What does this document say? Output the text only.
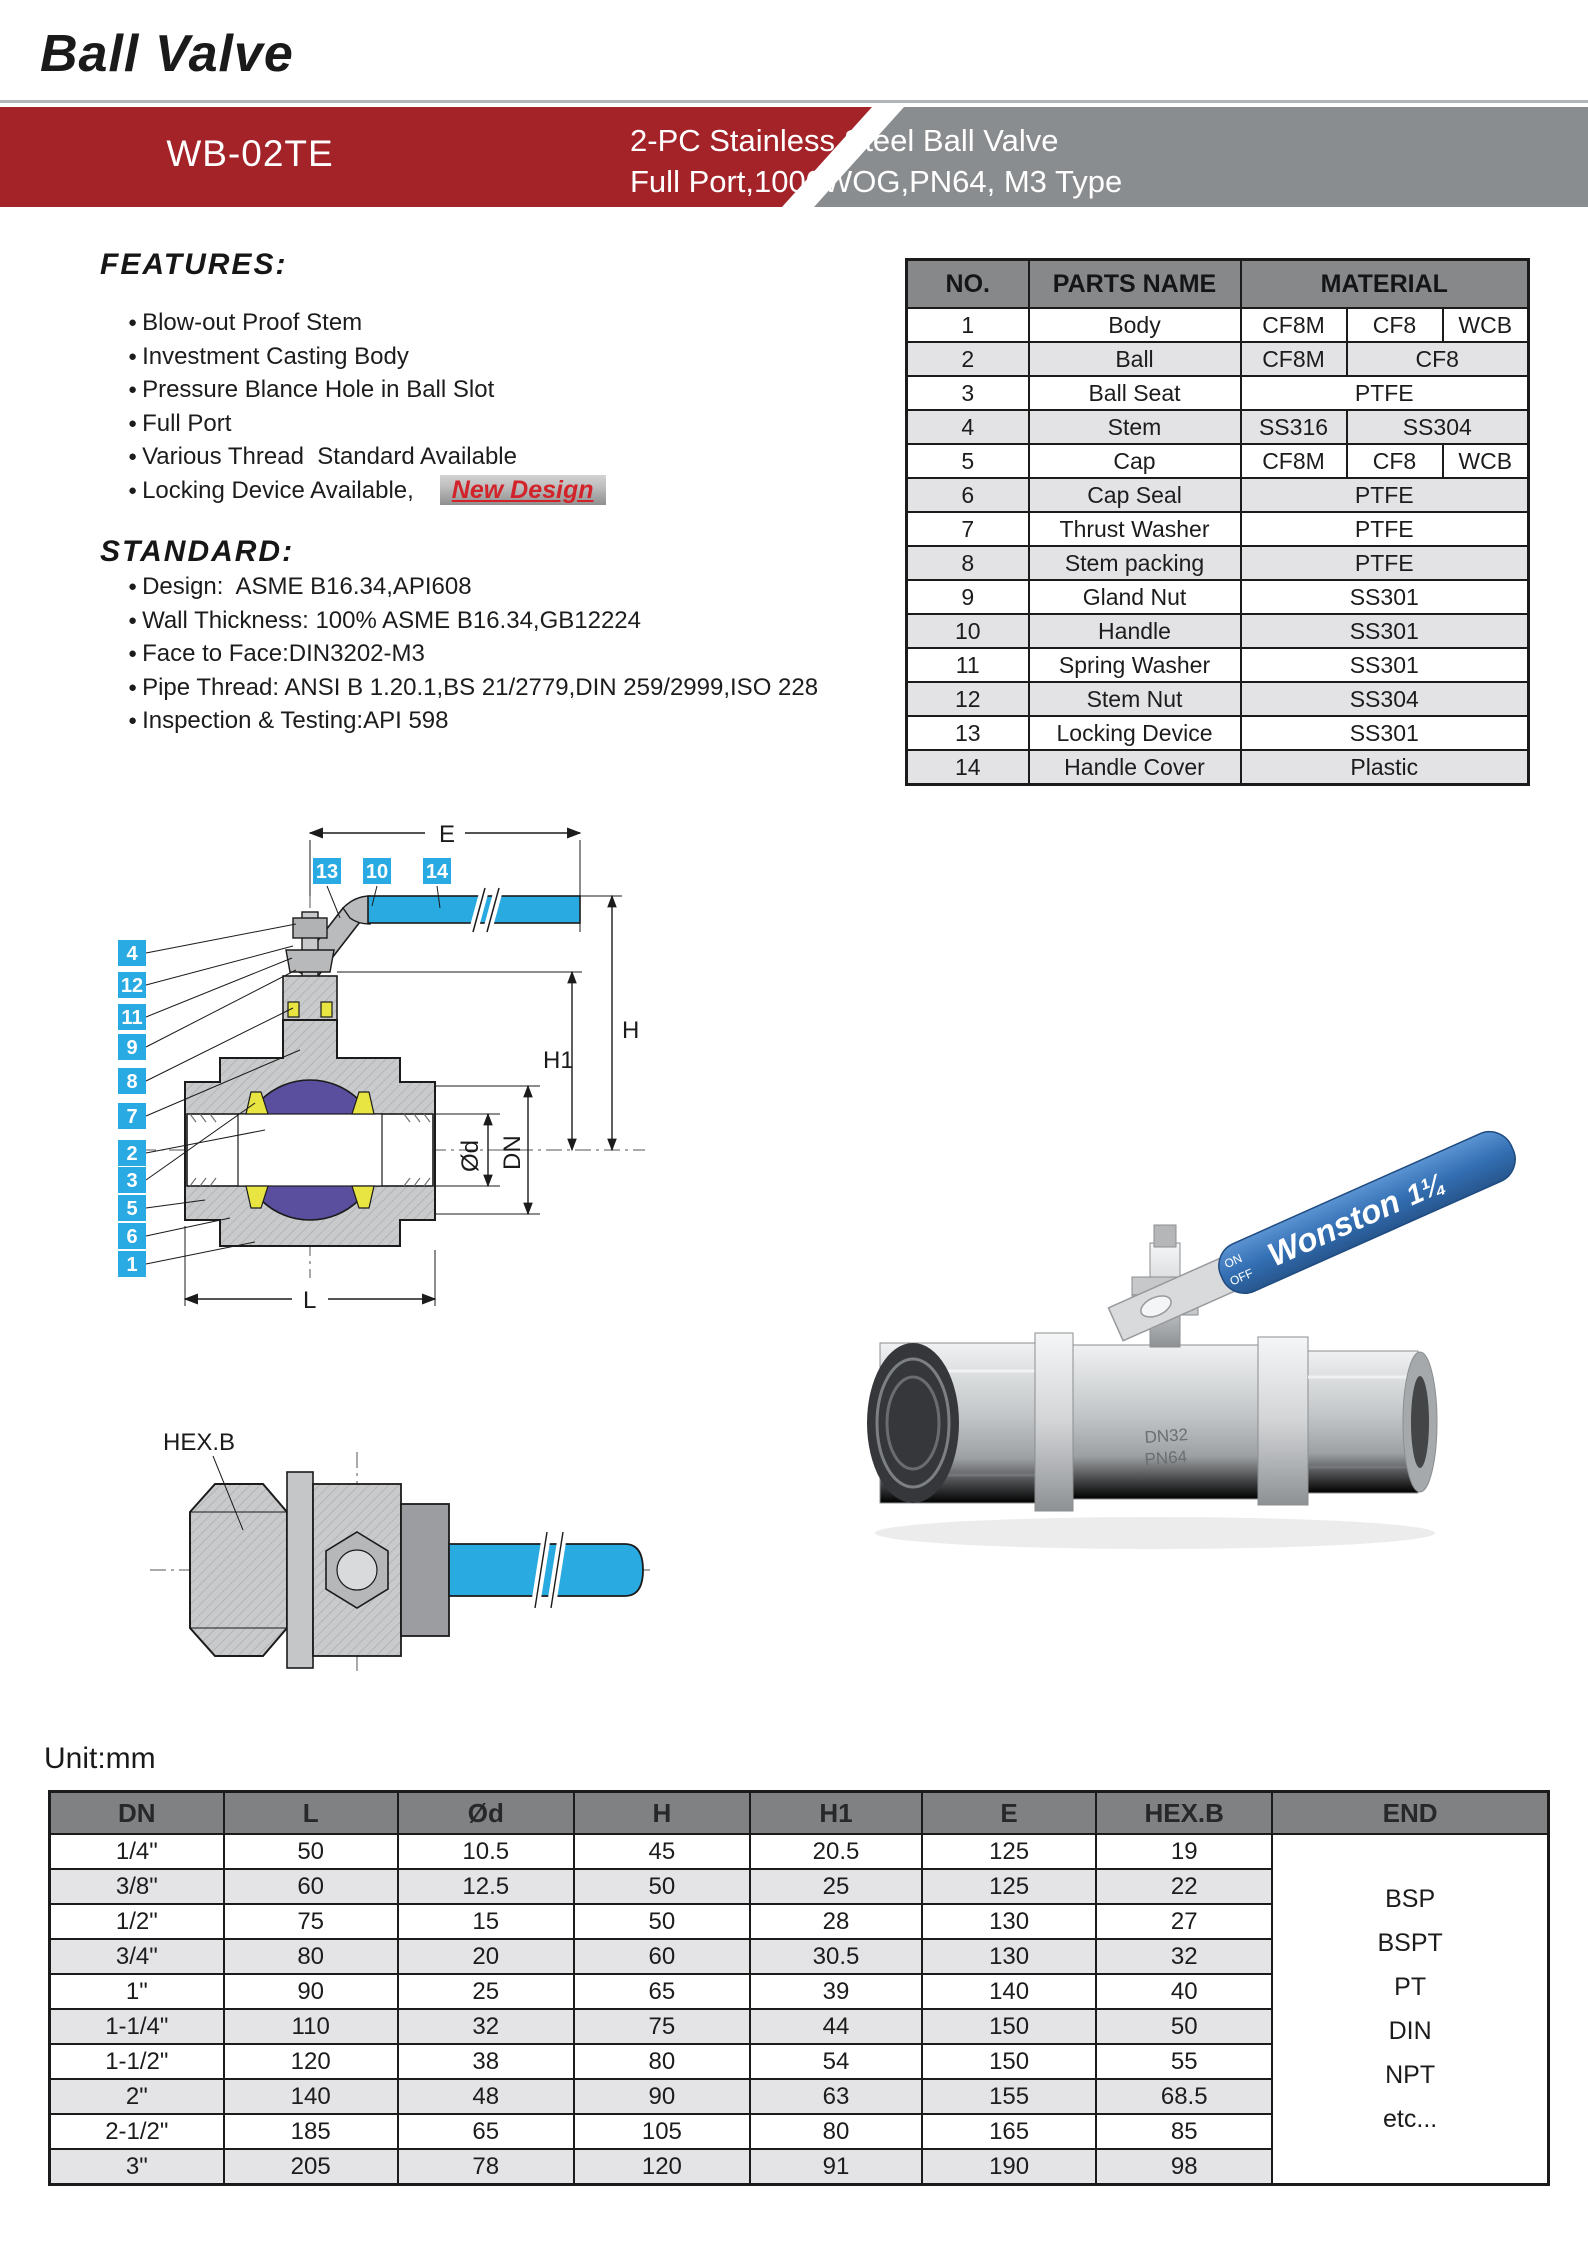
Ball Valve
WB-02TE	2-PC Stainless Steel Ball Valve
Full Port,1000WOG,PN64, M3 Type
FEATURES:
● Blow-out Proof Stem
● Investment Casting Body
● Pressure Blance Hole in Ball Slot
● Full Port
● Various Thread  Standard Available
● Locking Device Available, New Design
STANDARD:
● Design:  ASME B16.34,API608
● Wall Thickness: 100% ASME B16.34,GB12224
● Face to Face:DIN3202-M3
● Pipe Thread: ANSI B 1.20.1,BS 21/2779,DIN 259/2999,ISO 228
● Inspection & Testing:API 598
NO.	PARTS NAME	MATERIAL		
1	Body	CF8M	CF8	WCB
2	Ball	CF8M	CF8	
3	Ball Seat	PTFE		
4	Stem	SS316	SS304	
5	Cap	CF8M	CF8	WCB
6	Cap Seal	PTFE		
7	Thrust Washer	PTFE		
8	Stem packing	PTFE		
9	Gland Nut	SS301		
10	Handle	SS301		
11	Spring Washer	SS301		
12	Stem Nut	SS304		
13	Locking Device	SS301		
14	Handle Cover	Plastic		
E
Ød DN
H1
H
L
13 10 14
4
12
11
9
8
7
2
3
5
6
1
HEX.B	DN32
PN64
ON
OFF
Wonston1¼
Unit:mm
DN	L	Ød	H	H1	E	HEX.B	END
1/4"	50	10.5	45	20.5	125	19	
BSP
BSPT
PT
DIN
NPT
etc...

3/8"	60	12.5	50	25	125	22	
1/2"	75	15	50	28	130	27	
3/4"	80	20	60	30.5	130	32	
1"	90	25	65	39	140	40	
1-1/4"	110	32	75	44	150	50	
1-1/2"	120	38	80	54	150	55	
2"	140	48	90	63	155	68.5	
2-1/2"	185	65	105	80	165	85	
3"	205	78	120	91	190	98	
